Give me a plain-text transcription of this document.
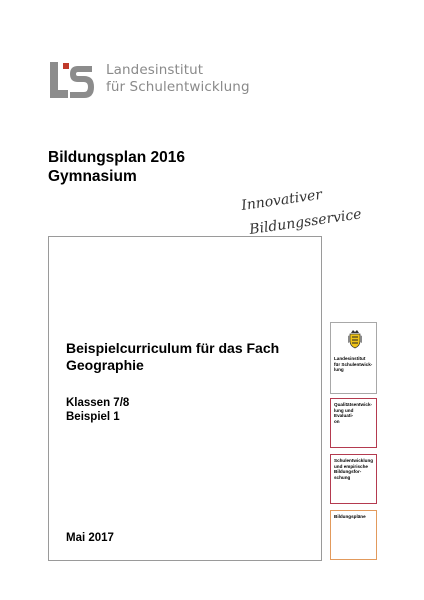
Landesinstitut
für Schulentwicklung
Bildungsplan 2016
Gymnasium
Innovativer
Bildungsservice
Beispielcurriculum für das Fach
Geographie
Klassen 7/8
Beispiel 1
Mai 2017
Landesinstitut
für Schulentwick-
lung
Qualitätsentwick-
lung und Evaluati-
on
Schulentwicklung
und empirische
Bildungsfor-
schung
Bildungspläne
